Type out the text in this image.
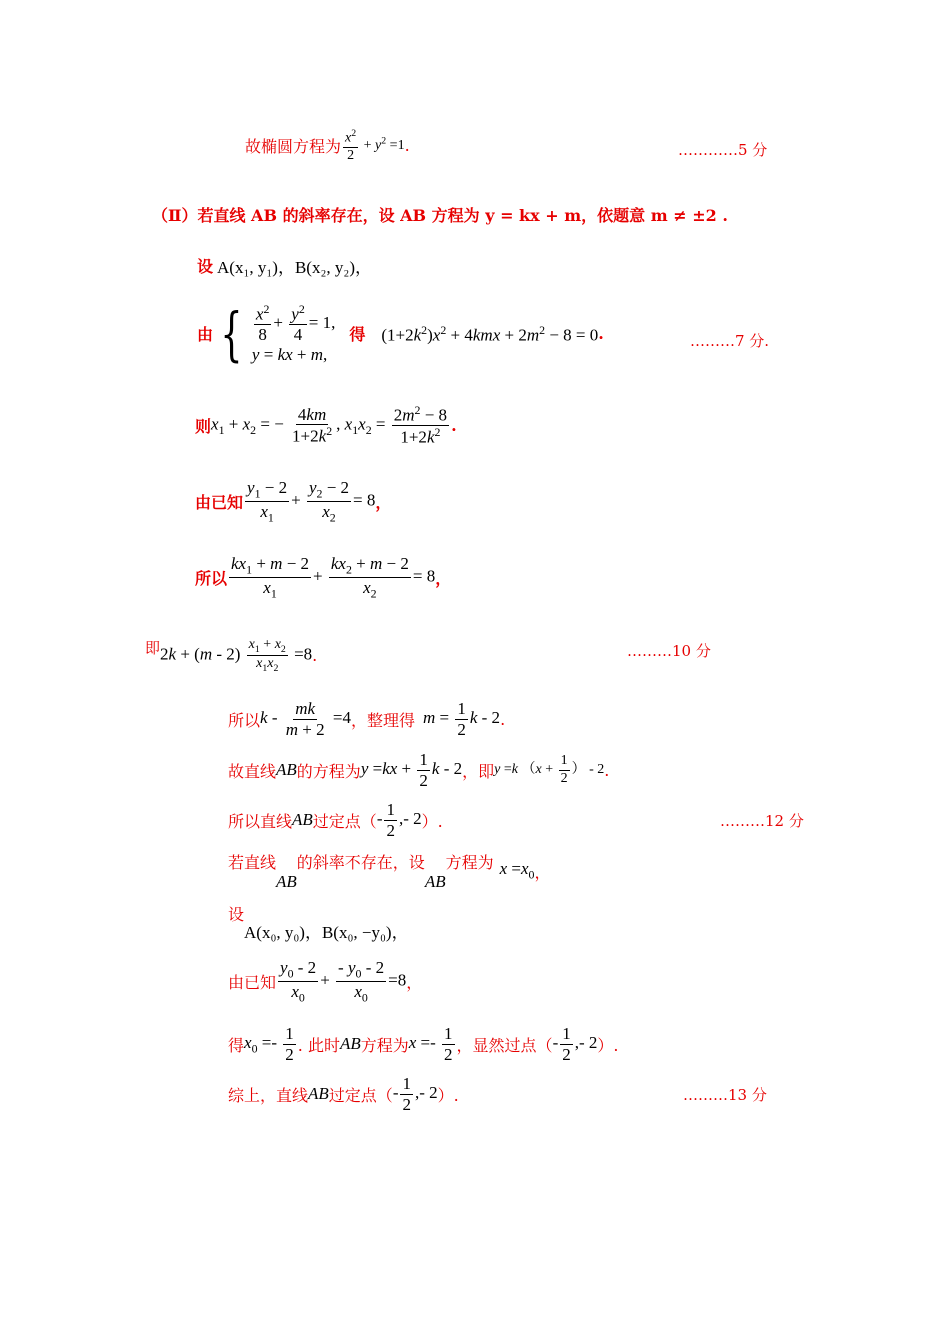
故椭圆方程为 $\frac{x^2}{2} + y^2 =1$ .	…………5 分
（Ⅱ）若直线 AB 的斜率存在，设 AB 方程为 y = kx + m，依题意 m ≠ ±2 .
设 A(x₁, y₁)，B(x₂, y₂)，
由 { $\frac{x^2}{8} + \frac{y^2}{4} = 1$,
y = kx + m,
得 $(1+2k^2)x^2 + 4kmx + 2m^2 - 8 = 0$ .	………7 分.
则 $x_1 + x_2$ = − $\frac{4km}{1+2k^2}$ , $x_1x_2 = \frac{2m^2 - 8}{1+2k^2}$ .
由已知 $\frac{y_1 - 2}{x_1} + \frac{y_2 - 2}{x_2} = 8$ ，
所以 $\frac{kx_1 + m - 2}{x_1} + \frac{kx_2 + m - 2}{x_2} = 8$ ，
即 $2k + (m - 2) \frac{x_1 + x_2}{x_1x_2} =8$ .	………10 分
所以 $k - \frac{mk}{m + 2} =4$ ，整理得 $m = \frac{1}{2}$ k - 2 .
故直线 AB 的方程为 $y =kx + \frac{1}{2}$ k - 2 ，即 y =k （$x + \frac{1}{2}$ ） - 2 .
所以直线 AB 过定点（ - $\frac{1}{2}$ ,- 2 ）.	………12 分
若直线
AB
的斜率不存在，设
AB
方程为 $x =x_0$ ，
设
A(x₀, y₀)，B(x₀, −y₀)，
由已知 $\frac{y_0 - 2}{x_0} + \frac{- y_0 - 2}{x_0} =8$ ，
得 $x_0 =- \frac{1}{2}$ . 此时 AB 方程为 $x =- \frac{1}{2}$ ，显然过点（ - $\frac{1}{2}$ ,- 2 ）.
综上，直线 AB 过定点（ - $\frac{1}{2}$ ,- 2 ）.	………13 分
